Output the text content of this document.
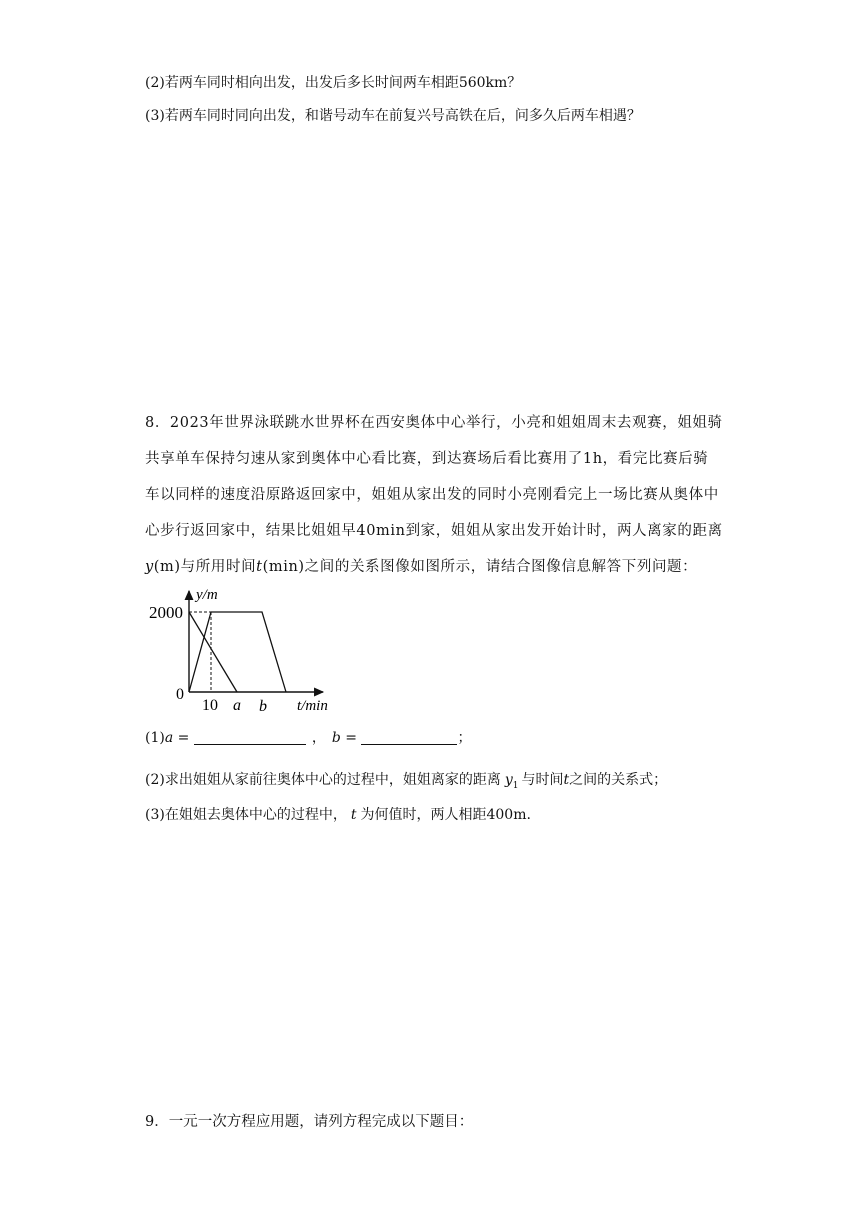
(2)若两车同时相向出发，出发后多长时间两车相距560km？
(3)若两车同时同向出发，和谐号动车在前复兴号高铁在后，问多久后两车相遇？
8．2023年世界泳联跳水世界杯在西安奥体中心举行，小亮和姐姐周末去观赛，姐姐骑
共享单车保持匀速从家到奥体中心看比赛，到达赛场后看比赛用了1h，看完比赛后骑
车以同样的速度沿原路返回家中，姐姐从家出发的同时小亮刚看完上一场比赛从奥体中
心步行返回家中，结果比姐姐早40min到家，姐姐从家出发开始计时，两人离家的距离
y(m)与所用时间t(min)之间的关系图像如图所示，请结合图像信息解答下列问题：
y/m
2000
0
10 a b t/min
(1)a =	， b =	；
(2)求出姐姐从家前往奥体中心的过程中，姐姐离家的距离 $y_1$ 与时间t之间的关系式；
(3)在姐姐去奥体中心的过程中， t 为何值时，两人相距400m.
9．一元一次方程应用题，请列方程完成以下题目：
